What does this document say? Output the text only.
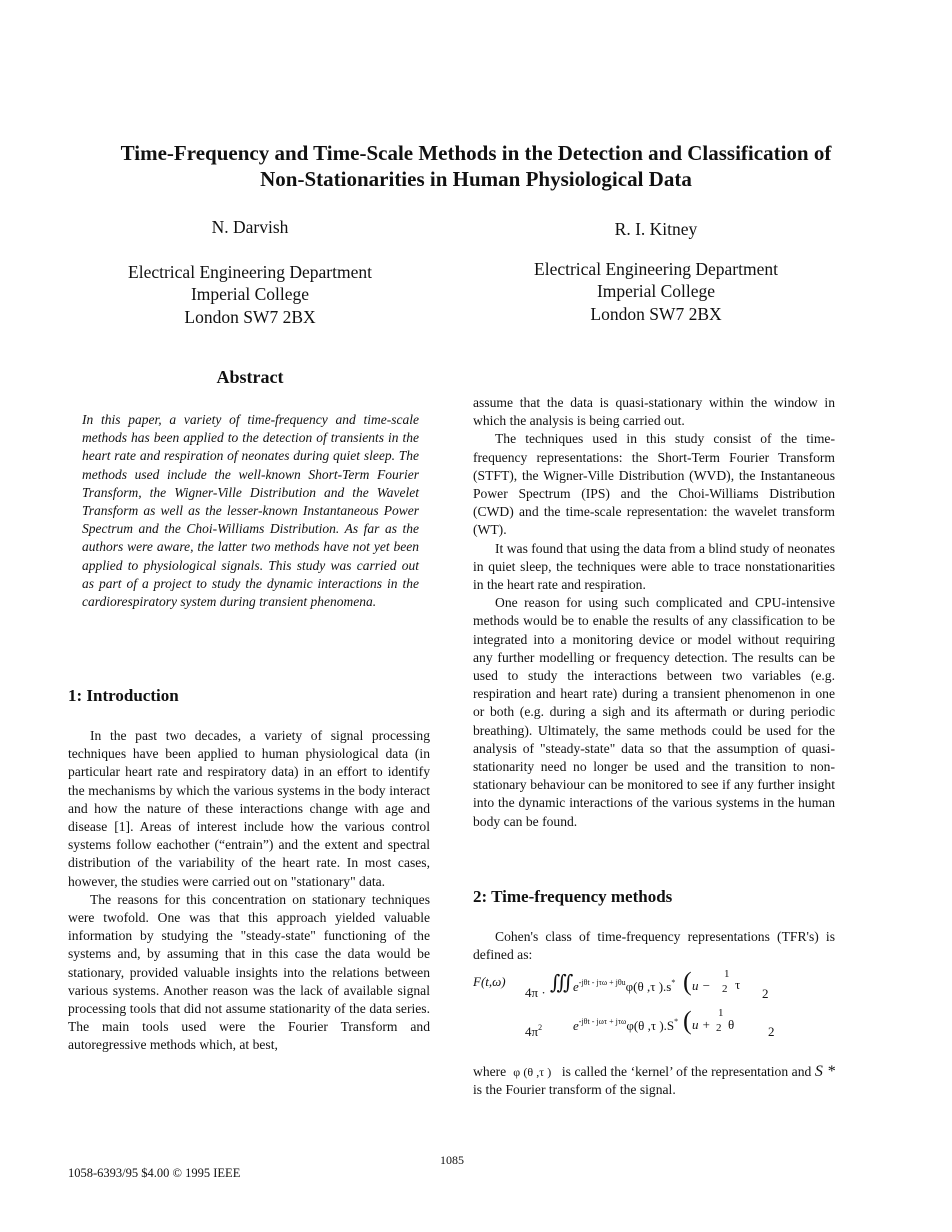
Time-Frequency and Time-Scale Methods in the Detection and Classification of
Non-Stationarities in Human Physiological Data
N. Darvish
Electrical Engineering Department
Imperial College
London SW7 2BX
R. I. Kitney
Electrical Engineering Department
Imperial College
London SW7 2BX
Abstract
In this paper, a variety of time-frequency and time-scale methods has been applied to the detection of transients in the heart rate and respiration of neonates during quiet sleep. The methods used include the well-known Short-Term Fourier Transform, the Wigner-Ville Distribution and the Wavelet Transform as well as the lesser-known Instantaneous Power Spectrum and the Choi-Williams Distribution. As far as the authors were aware, the latter two methods have not yet been applied to physiological signals. This study was carried out as part of a project to study the dynamic interactions in the cardiorespiratory system during transient phenomena.
1: Introduction

In the past two decades, a variety of signal processing techniques have been applied to human physiological data (in particular heart rate and respiratory data) in an effort to identify the mechanisms by which the various systems in the body interact and how the nature of these interactions change with age and disease [1]. Areas of interest include how the various control systems follow eachother (“entrain”) and the extent and spectral distribution of the variability of the heart rate. In most cases, however, the studies were carried out on "stationary" data.

The reasons for this concentration on stationary techniques were twofold. One was that this approach yielded valuable information by studying the "steady-state" functioning of the systems and, by assuming that in this case the data would be stationary, provided valuable insights into the relations between various systems. Another reason was the lack of available signal processing tools that did not assume stationarity of the data series. The main tools used were the Fourier Transform and autoregressive methods which, at best,

assume that the data is quasi-stationary within the window in which the analysis is being carried out.

The techniques used in this study consist of the time-frequency representations: the Short-Term Fourier Transform (STFT), the Wigner-Ville Distribution (WVD), the Instantaneous Power Spectrum (IPS) and the Choi-Williams Distribution (CWD) and the time-scale representation: the wavelet transform (WT).

It was found that using the data from a blind study of neonates in quiet sleep, the techniques were able to trace nonstationarities in the heart rate and respiration.

One reason for using such complicated and CPU-intensive methods would be to enable the results of any classification to be integrated into a monitoring device or model without requiring any further modelling or frequency detection. The results can be used to study the interactions between two variables (e.g. respiration and heart rate) during a transient phenomenon in one or both (e.g. during a sigh and its aftermath or during periodic breathing). Ultimately, the same methods could be used for the analysis of "steady-state" data so that the assumption of quasi-stationarity need no longer be used and the transition to non-stationary behaviour can be monitored to see if any further insight into the dynamic interactions of the various systems in the human body can be found.

2: Time-frequency methods

Cohen's class of time-frequency representations (TFR's) is defined as:

F(t,ω)
4π · ∭ $e^{-j\theta t - j\tau\omega + j\theta u}\varphi(\theta$ ,τ ).s* ( u −
1
2 τ
2
$4\pi^2$ $e^{-j\theta t - j\omega\tau + j\tau\omega}\varphi(\theta$ ,τ ).S* ( u +
1
2 θ	2

where φ (θ ,τ ) is called the ‘kernel’ of the representation and S * is the Fourier transform of the signal.

1085
1058-6393/95 $4.00 © 1995 IEEE
